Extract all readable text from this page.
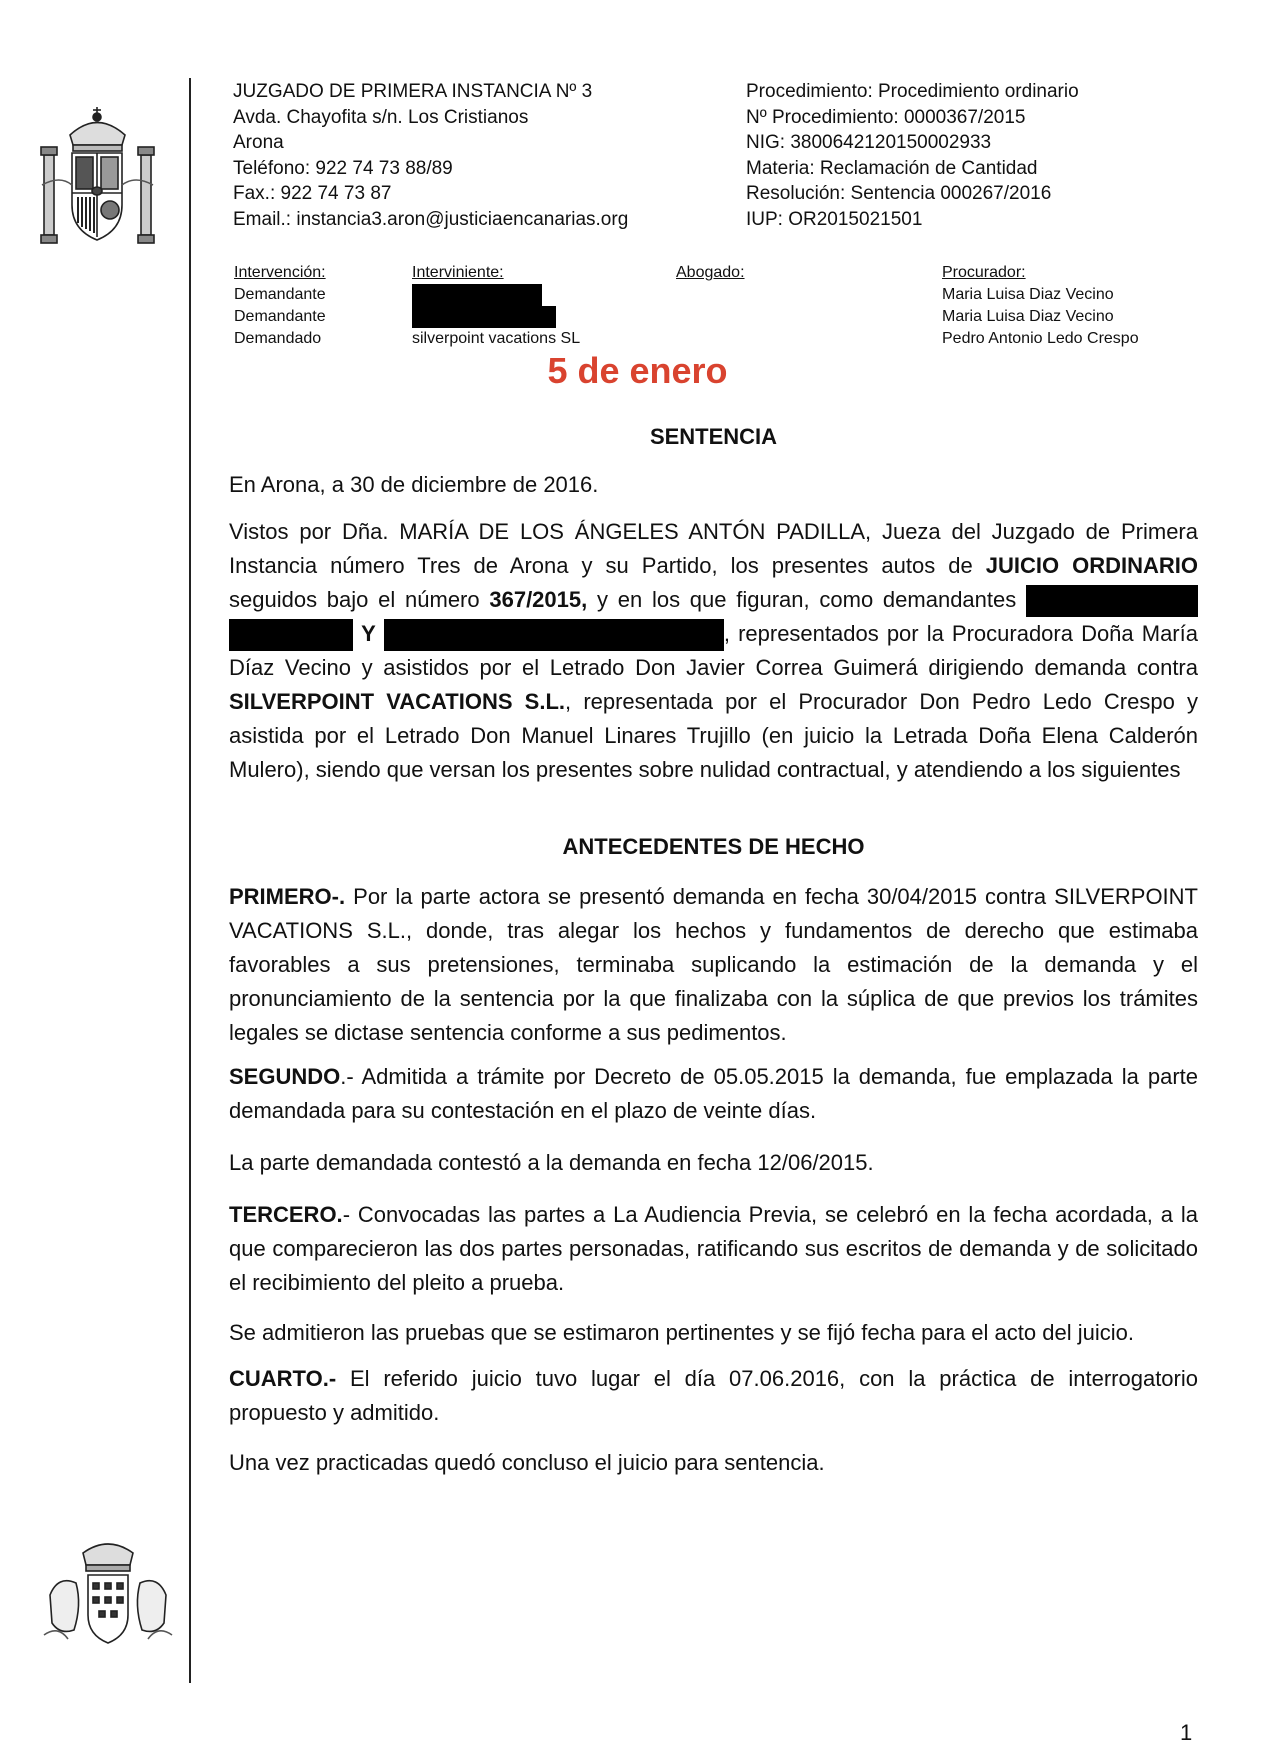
JUZGADO DE PRIMERA INSTANCIA Nº 3
Avda. Chayofita s/n. Los Cristianos
Arona
Teléfono: 922 74 73 88/89
Fax.: 922 74 73 87
Email.: instancia3.aron@justiciaencanarias.org
Procedimiento: Procedimiento ordinario
Nº Procedimiento: 0000367/2015
NIG: 3800642120150002933
Materia: Reclamación de Cantidad
Resolución: Sentencia 000267/2016
IUP: OR2015021501
Intervención:
Demandante
Demandante
Demandado
Interviniente:
silverpoint vacations SL
Abogado:	Procurador:
Maria Luisa Diaz Vecino
Maria Luisa Diaz Vecino
Pedro Antonio Ledo Crespo
5 de enero
SENTENCIA
En Arona, a 30 de diciembre de 2016.
Vistos por Dña. MARÍA DE LOS ÁNGELES ANTÓN PADILLA, Jueza del Juzgado de Primera Instancia número Tres de Arona y su Partido, los presentes autos de JUICIO ORDINARIO seguidos bajo el número 367/2015, y en los que figuran, como demandantes   Y	, representados por la Procuradora Doña María Díaz Vecino y asistidos por el Letrado Don Javier Correa Guimerá dirigiendo demanda contra SILVERPOINT VACATIONS S.L., representada por el Procurador Don Pedro Ledo Crespo y asistida por el Letrado Don Manuel Linares Trujillo (en juicio la Letrada Doña Elena Calderón Mulero), siendo que versan los presentes sobre nulidad contractual, y atendiendo a los siguientes
ANTECEDENTES DE HECHO
PRIMERO-. Por la parte actora se presentó demanda en fecha 30/04/2015 contra SILVERPOINT VACATIONS S.L., donde, tras alegar los hechos y fundamentos de derecho que estimaba favorables a sus pretensiones, terminaba suplicando la estimación de la demanda y el pronunciamiento de la sentencia por la que finalizaba con la súplica de que previos los trámites legales se dictase sentencia conforme a sus pedimentos.
SEGUNDO.- Admitida a trámite por Decreto de 05.05.2015 la demanda, fue emplazada la parte demandada para su contestación en el plazo de veinte días.
La parte demandada contestó a la demanda en fecha 12/06/2015.
TERCERO.- Convocadas las partes a La Audiencia Previa, se celebró en la fecha acordada, a la que comparecieron las dos partes personadas, ratificando sus escritos de demanda y de solicitado el recibimiento del pleito a prueba.
Se admitieron las pruebas que se estimaron pertinentes y se fijó fecha para el acto del juicio.
CUARTO.- El referido juicio tuvo lugar el día 07.06.2016, con la práctica de interrogatorio propuesto y admitido.
Una vez practicadas quedó concluso el juicio para sentencia.
1
